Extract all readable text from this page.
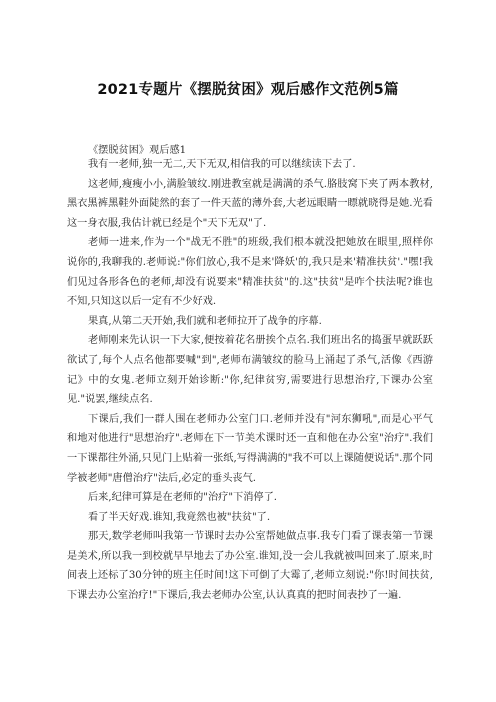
2021专题片《摆脱贫困》观后感作文范例5篇
《摆脱贫困》观后感1

我有一老师,独一无二,天下无双,相信我的可以继续读下去了.

这老师,瘦瘦小小,满脸皱纹.刚进教室就是满满的杀气.胳肢窝下夹了两本教材,黑衣黑裤黑鞋外面陡然的套了一件天蓝的薄外套,大老远眼睛一瞟就晓得是她.光看这一身衣服,我估计就已经是个"天下无双"了.

老师一进来,作为一个"战无不胜"的班级,我们根本就没把她放在眼里,照样你说你的,我聊我的.老师说:"你们放心,我不是来'降妖'的,我只是来'精准扶贫'."嘿!我们见过各形各色的老师,却没有说要来"精准扶贫"的.这"扶贫"是咋个扶法呢?谁也不知,只知这以后一定有不少好戏.

果真,从第二天开始,我们就和老师拉开了战争的序幕.

老师刚来先认识一下大家,便按着花名册挨个点名.我们班出名的捣蛋早就跃跃欲试了,每个人点名他都要喊"到",老师布满皱纹的脸马上涌起了杀气,活像《西游记》中的女鬼.老师立刻开始诊断:"你,纪律贫穷,需要进行思想治疗,下课办公室见."说罢,继续点名.

下课后,我们一群人围在老师办公室门口.老师并没有"河东狮吼",而是心平气和地对他进行"思想治疗".老师在下一节美术课时还一直和他在办公室"治疗".我们一下课都往外涌,只见门上贴着一张纸,写得满满的"我不可以上课随便说话".那个同学被老师"唐僧治疗"法后,必定的垂头丧气.

后来,纪律可算是在老师的"治疗"下消停了.

看了半天好戏.谁知,我竟然也被"扶贫"了.

那天,数学老师叫我第一节课时去办公室帮她做点事.我专门看了课表第一节课是美术,所以我一到校就早早地去了办公室.谁知,没一会儿我就被叫回来了.原来,时间表上还标了30分钟的班主任时间!这下可倒了大霉了,老师立刻说:"你!时间扶贫,下课去办公室治疗!"下课后,我去老师办公室,认认真真的把时间表抄了一遍.
